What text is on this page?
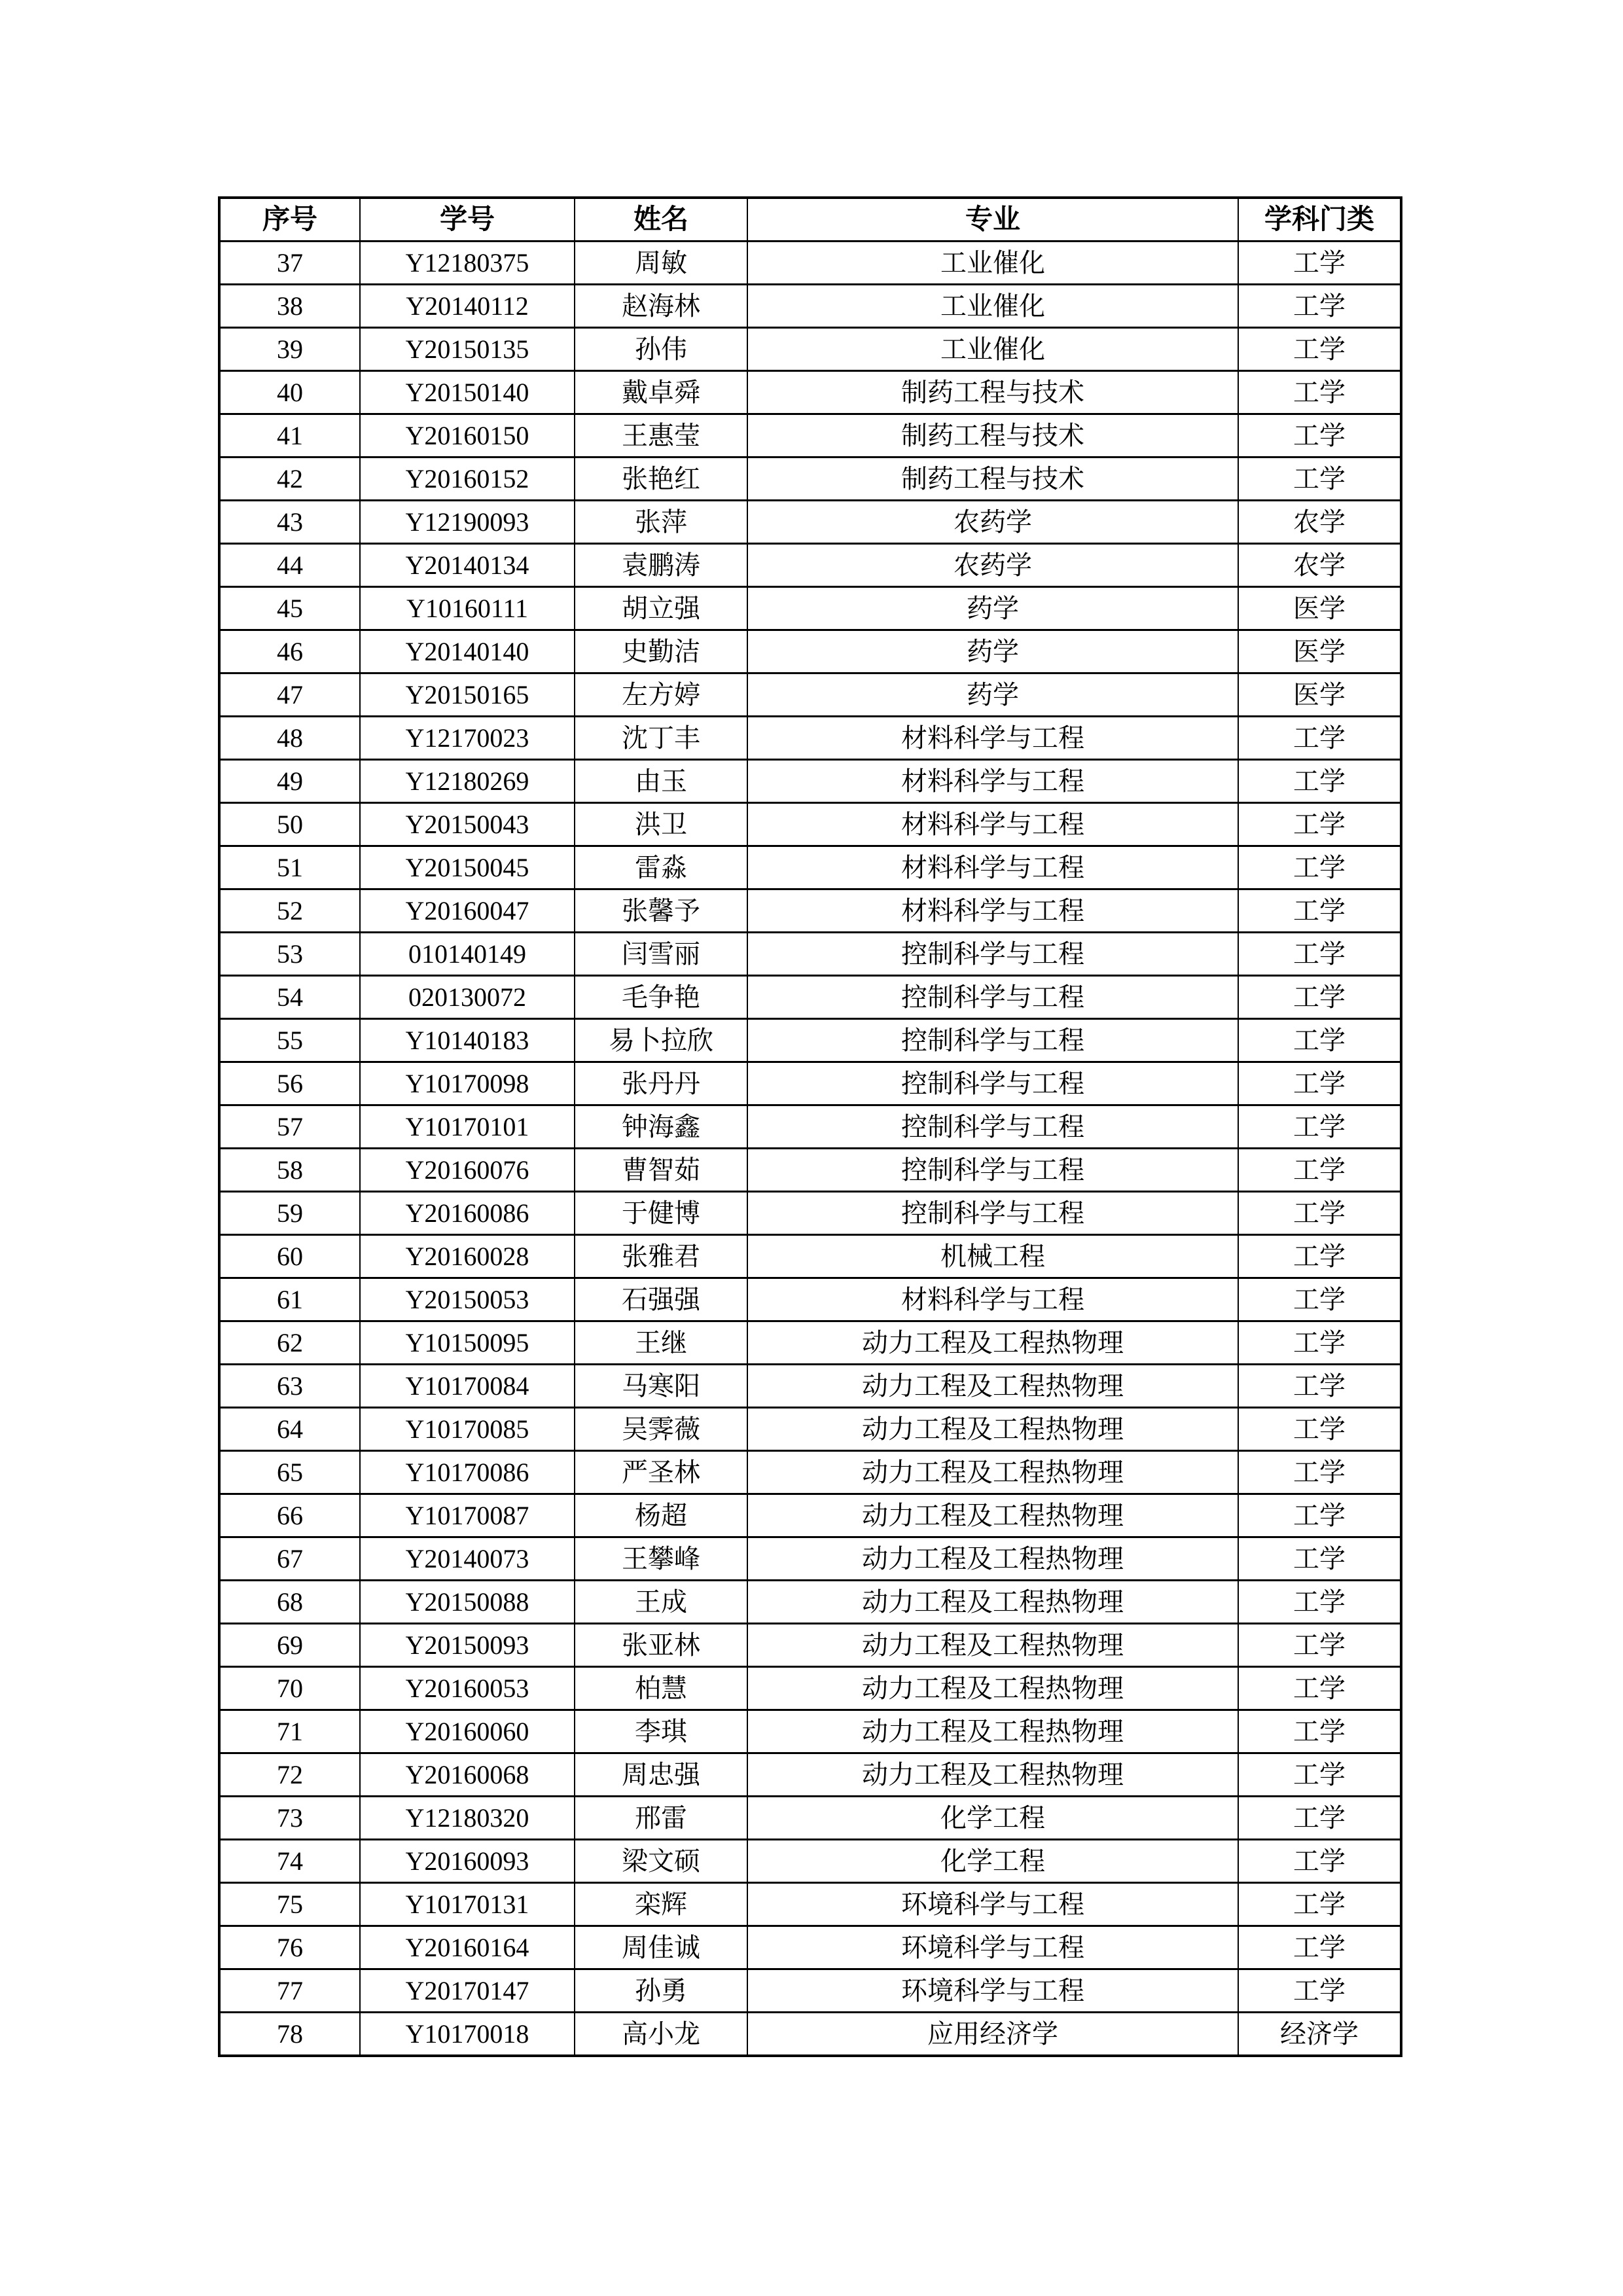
序号	学号	姓名	专业	学科门类
37	Y12180375	周敏	工业催化	工学
38	Y20140112	赵海林	工业催化	工学
39	Y20150135	孙伟	工业催化	工学
40	Y20150140	戴卓舜	制药工程与技术	工学
41	Y20160150	王惠莹	制药工程与技术	工学
42	Y20160152	张艳红	制药工程与技术	工学
43	Y12190093	张萍	农药学	农学
44	Y20140134	袁鹏涛	农药学	农学
45	Y10160111	胡立强	药学	医学
46	Y20140140	史勤洁	药学	医学
47	Y20150165	左方婷	药学	医学
48	Y12170023	沈丁丰	材料科学与工程	工学
49	Y12180269	由玉	材料科学与工程	工学
50	Y20150043	洪卫	材料科学与工程	工学
51	Y20150045	雷淼	材料科学与工程	工学
52	Y20160047	张馨予	材料科学与工程	工学
53	010140149	闫雪丽	控制科学与工程	工学
54	020130072	毛争艳	控制科学与工程	工学
55	Y10140183	易卜拉欣	控制科学与工程	工学
56	Y10170098	张丹丹	控制科学与工程	工学
57	Y10170101	钟海鑫	控制科学与工程	工学
58	Y20160076	曹智茹	控制科学与工程	工学
59	Y20160086	于健博	控制科学与工程	工学
60	Y20160028	张雅君	机械工程	工学
61	Y20150053	石强强	材料科学与工程	工学
62	Y10150095	王继	动力工程及工程热物理	工学
63	Y10170084	马寒阳	动力工程及工程热物理	工学
64	Y10170085	吴霁薇	动力工程及工程热物理	工学
65	Y10170086	严圣林	动力工程及工程热物理	工学
66	Y10170087	杨超	动力工程及工程热物理	工学
67	Y20140073	王攀峰	动力工程及工程热物理	工学
68	Y20150088	王成	动力工程及工程热物理	工学
69	Y20150093	张亚林	动力工程及工程热物理	工学
70	Y20160053	柏慧	动力工程及工程热物理	工学
71	Y20160060	李琪	动力工程及工程热物理	工学
72	Y20160068	周忠强	动力工程及工程热物理	工学
73	Y12180320	邢雷	化学工程	工学
74	Y20160093	梁文硕	化学工程	工学
75	Y10170131	栾辉	环境科学与工程	工学
76	Y20160164	周佳诚	环境科学与工程	工学
77	Y20170147	孙勇	环境科学与工程	工学
78	Y10170018	高小龙	应用经济学	经济学
